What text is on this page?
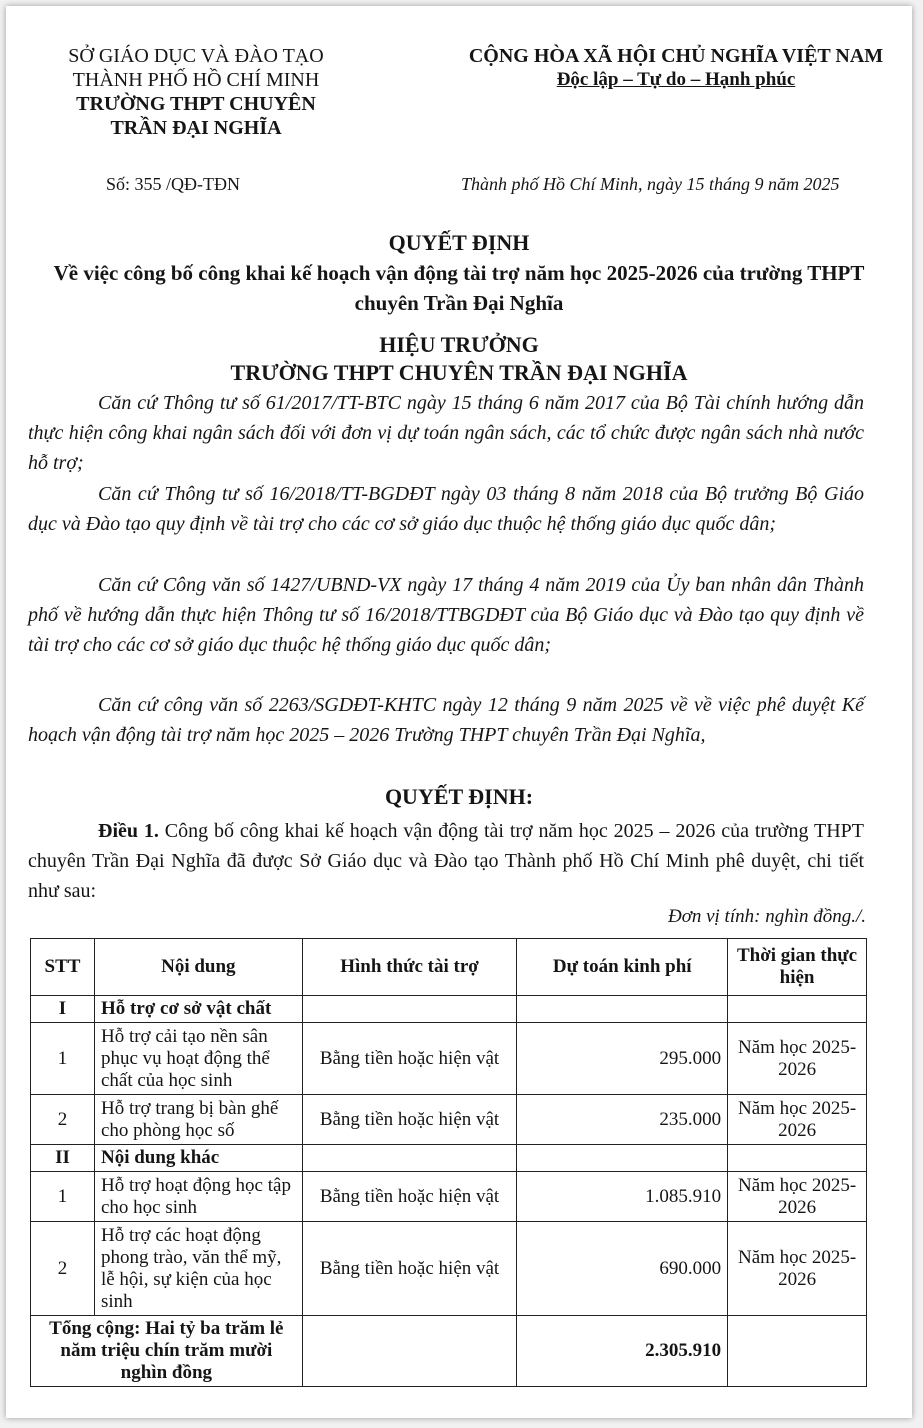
SỞ GIÁO DỤC VÀ ĐÀO TẠO
THÀNH PHỐ HỒ CHÍ MINH
TRƯỜNG THPT CHUYÊN
TRẦN ĐẠI NGHĨA
CỘNG HÒA XÃ HỘI CHỦ NGHĨA VIỆT NAM
Độc lập – Tự do – Hạnh phúc
Số: 355 /QĐ-TĐN	Thành phố Hồ Chí Minh, ngày 15 tháng 9 năm 2025
QUYẾT ĐỊNH
Về việc công bố công khai kế hoạch vận động tài trợ năm học 2025-2026 của trường THPT chuyên Trần Đại Nghĩa
HIỆU TRƯỞNG
TRƯỜNG THPT CHUYÊN TRẦN ĐẠI NGHĨA
Căn cứ Thông tư số 61/2017/TT-BTC ngày 15 tháng 6 năm 2017 của Bộ Tài chính hướng dẫn thực hiện công khai ngân sách đối với đơn vị dự toán ngân sách, các tổ chức được ngân sách nhà nước hỗ trợ;
Căn cứ Thông tư số 16/2018/TT-BGDĐT ngày 03 tháng 8 năm 2018 của Bộ trưởng Bộ Giáo dục và Đào tạo quy định về tài trợ cho các cơ sở giáo dục thuộc hệ thống giáo dục quốc dân;
Căn cứ Công văn số 1427/UBND-VX ngày 17 tháng 4 năm 2019 của Ủy ban nhân dân Thành phố về hướng dẫn thực hiện Thông tư số 16/2018/TTBGDĐT của Bộ Giáo dục và Đào tạo quy định về tài trợ cho các cơ sở giáo dục thuộc hệ thống giáo dục quốc dân;
Căn cứ công văn số 2263/SGDĐT-KHTC ngày 12 tháng 9 năm 2025 về về việc phê duyệt Kế hoạch vận động tài trợ năm học 2025 – 2026 Trường THPT chuyên Trần Đại Nghĩa,
QUYẾT ĐỊNH:
Điều 1. Công bố công khai kế hoạch vận động tài trợ năm học 2025 – 2026 của trường THPT chuyên Trần Đại Nghĩa đã được Sở Giáo dục và Đào tạo Thành phố Hồ Chí Minh phê duyệt, chi tiết như sau:
Đơn vị tính: nghìn đồng./.
STT	Nội dung	Hình thức tài trợ	Dự toán kinh phí	Thời gian thực hiện
I	Hỗ trợ cơ sở vật chất			
1	Hỗ trợ cải tạo nền sân phục vụ hoạt động thể chất của học sinh	Bằng tiền hoặc hiện vật	295.000	Năm học 2025-2026
2	Hỗ trợ trang bị bàn ghế cho phòng học số	Bằng tiền hoặc hiện vật	235.000	Năm học 2025-2026
II	Nội dung khác			
1	Hỗ trợ hoạt động học tập cho học sinh	Bằng tiền hoặc hiện vật	1.085.910	Năm học 2025-2026
2	Hỗ trợ các hoạt động phong trào, văn thể mỹ, lễ hội, sự kiện của học sinh	Bằng tiền hoặc hiện vật	690.000	Năm học 2025-2026
Tổng cộng: Hai tỷ ba trăm lẻ năm triệu chín trăm mười nghìn đồng			2.305.910	
